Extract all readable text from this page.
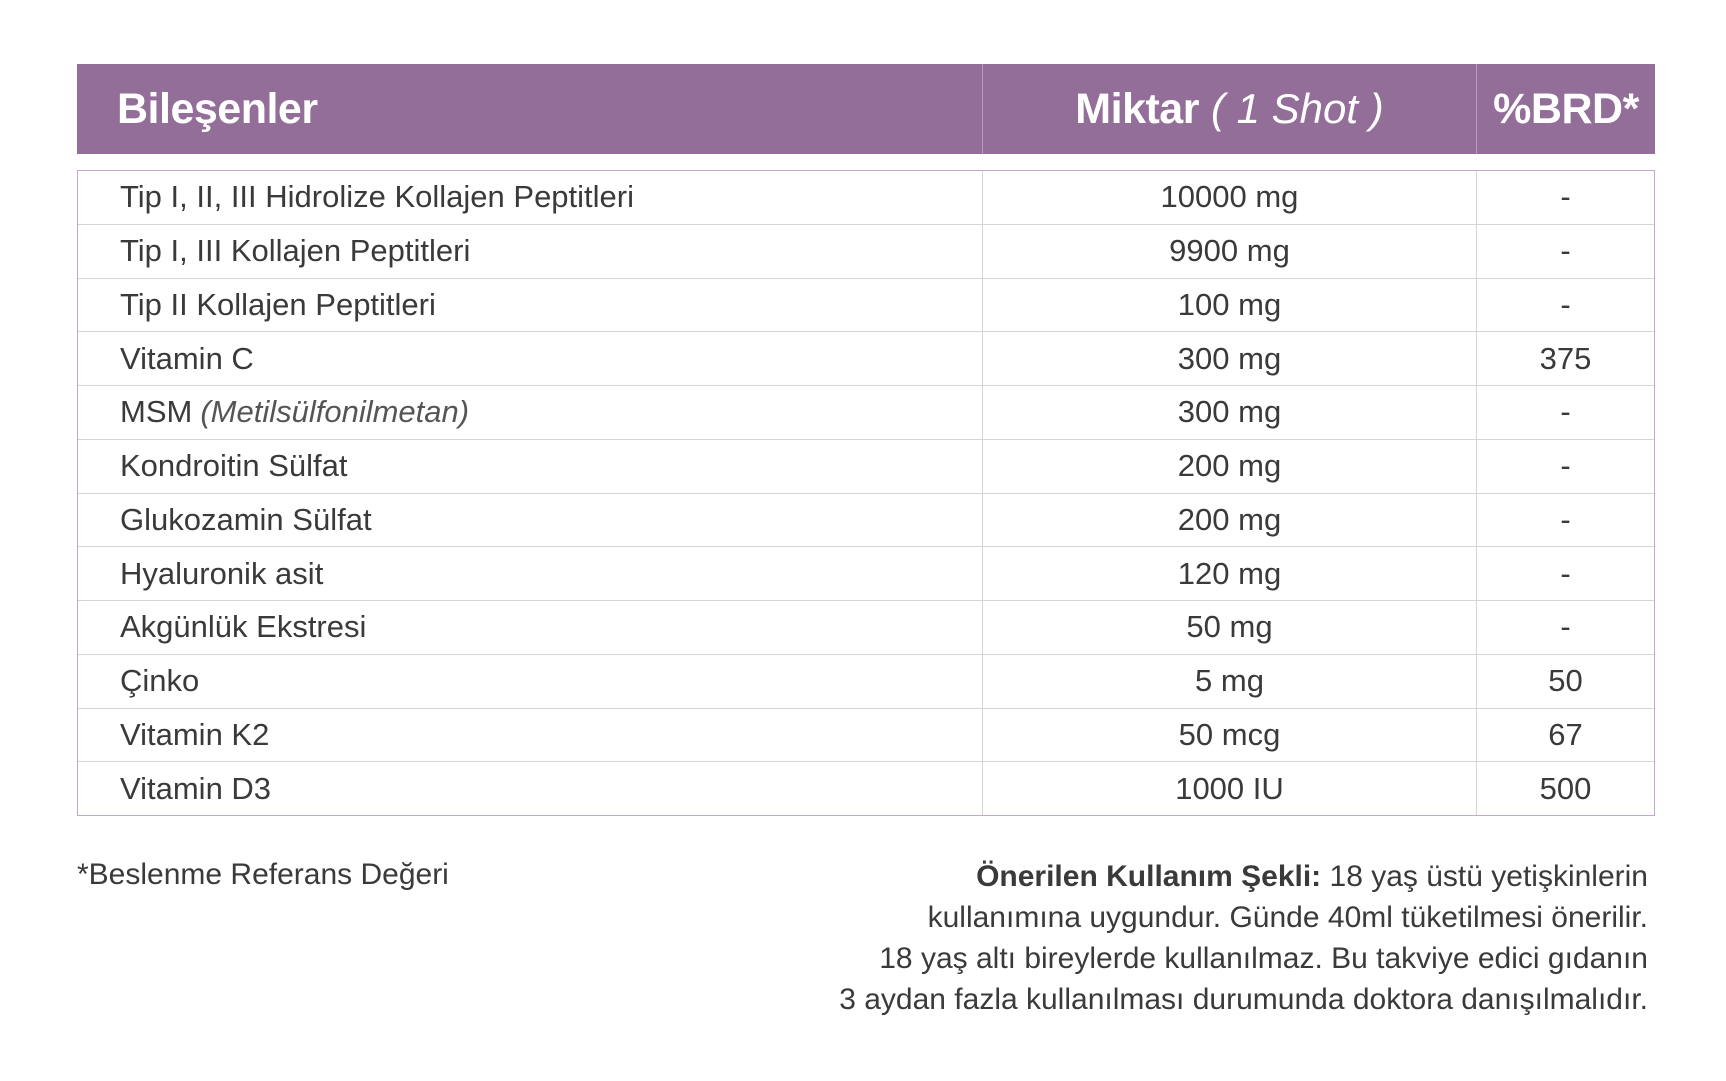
Bileşenler	Miktar ( 1 Shot )	%BRD*
Tip I, II, III Hidrolize Kollajen Peptitleri	10000 mg	-
Tip I, III Kollajen Peptitleri	9900 mg	-
Tip II Kollajen Peptitleri	100 mg	-
Vitamin C	300 mg	375
MSM (Metilsülfonilmetan)	300 mg	-
Kondroitin Sülfat	200 mg	-
Glukozamin Sülfat	200 mg	-
Hyaluronik asit	120 mg	-
Akgünlük Ekstresi	50 mg	-
Çinko	5 mg	50
Vitamin K2	50 mcg	67
Vitamin D3	1000 IU	500
*Beslenme Referans Değeri	Önerilen Kullanım Şekli: 18 yaş üstü yetişkinlerin
kullanımına uygundur. Günde 40ml tüketilmesi önerilir.
18 yaş altı bireylerde kullanılmaz. Bu takviye edici gıdanın
3 aydan fazla kullanılması durumunda doktora danışılmalıdır.
